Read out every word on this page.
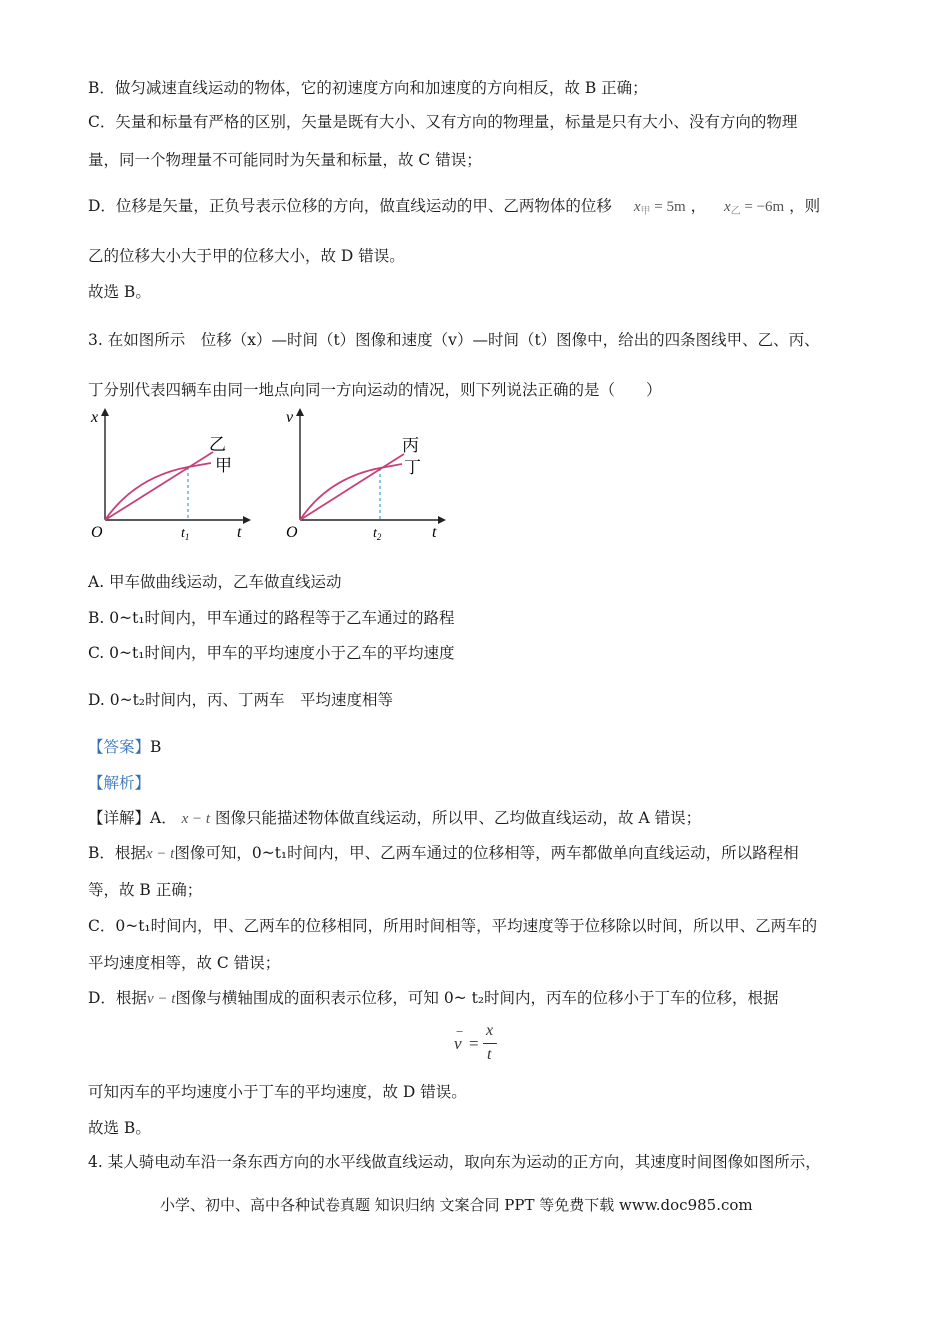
B．做匀减速直线运动的物体，它的初速度方向和加速度的方向相反，故 B 正确；
C．矢量和标量有严格的区别，矢量是既有大小、又有方向的物理量，标量是只有大小、没有方向的物理
量，同一个物理量不可能同时为矢量和标量，故 C 错误；
D．位移是矢量，正负号表示位移的方向，做直线运动的甲、乙两物体的位移 $x_甲 = 5m$ ， $x_乙 = -6m$ ，则
乙的位移大小大于甲的位移大小，故 D 错误。
故选 B。
3. 在如图所示　位移（x）—时间（t）图像和速度（v）—时间（t）图像中，给出的四条图线甲、乙、丙、
丁分别代表四辆车由同一地点向同一方向运动的情况，则下列说法正确的是（　　）
x
t
O	$t_1$
乙
甲
v
t
O	$t_2$
丙
丁
A. 甲车做曲线运动，乙车做直线运动
B. 0~t₁时间内，甲车通过的路程等于乙车通过的路程
C. 0~t₁时间内，甲车的平均速度小于乙车的平均速度
D. 0~t₂时间内，丙、丁两车　平均速度相等
【答案】B
【解析】
【详解】A． x − t 图像只能描述物体做直线运动，所以甲、乙均做直线运动，故 A 错误；
B．根据x − t图像可知，0~t₁时间内，甲、乙两车通过的位移相等，两车都做单向直线运动，所以路程相
等，故 B 正确；
C．0~t₁时间内，甲、乙两车的位移相同，所用时间相等，平均速度等于位移除以时间，所以甲、乙两车的
平均速度相等，故 C 错误；
D．根据v − t图像与横轴围成的面积表示位移，可知 0~ t₂时间内，丙车的位移小于丁车的位移，根据
−
v =
x
t
可知丙车的平均速度小于丁车的平均速度，故 D 错误。
故选 B。
4. 某人骑电动车沿一条东西方向的水平线做直线运动，取向东为运动的正方向，其速度时间图像如图所示，
小学、初中、高中各种试卷真题 知识归纳 文案合同 PPT 等免费下载 www.doc985.com
